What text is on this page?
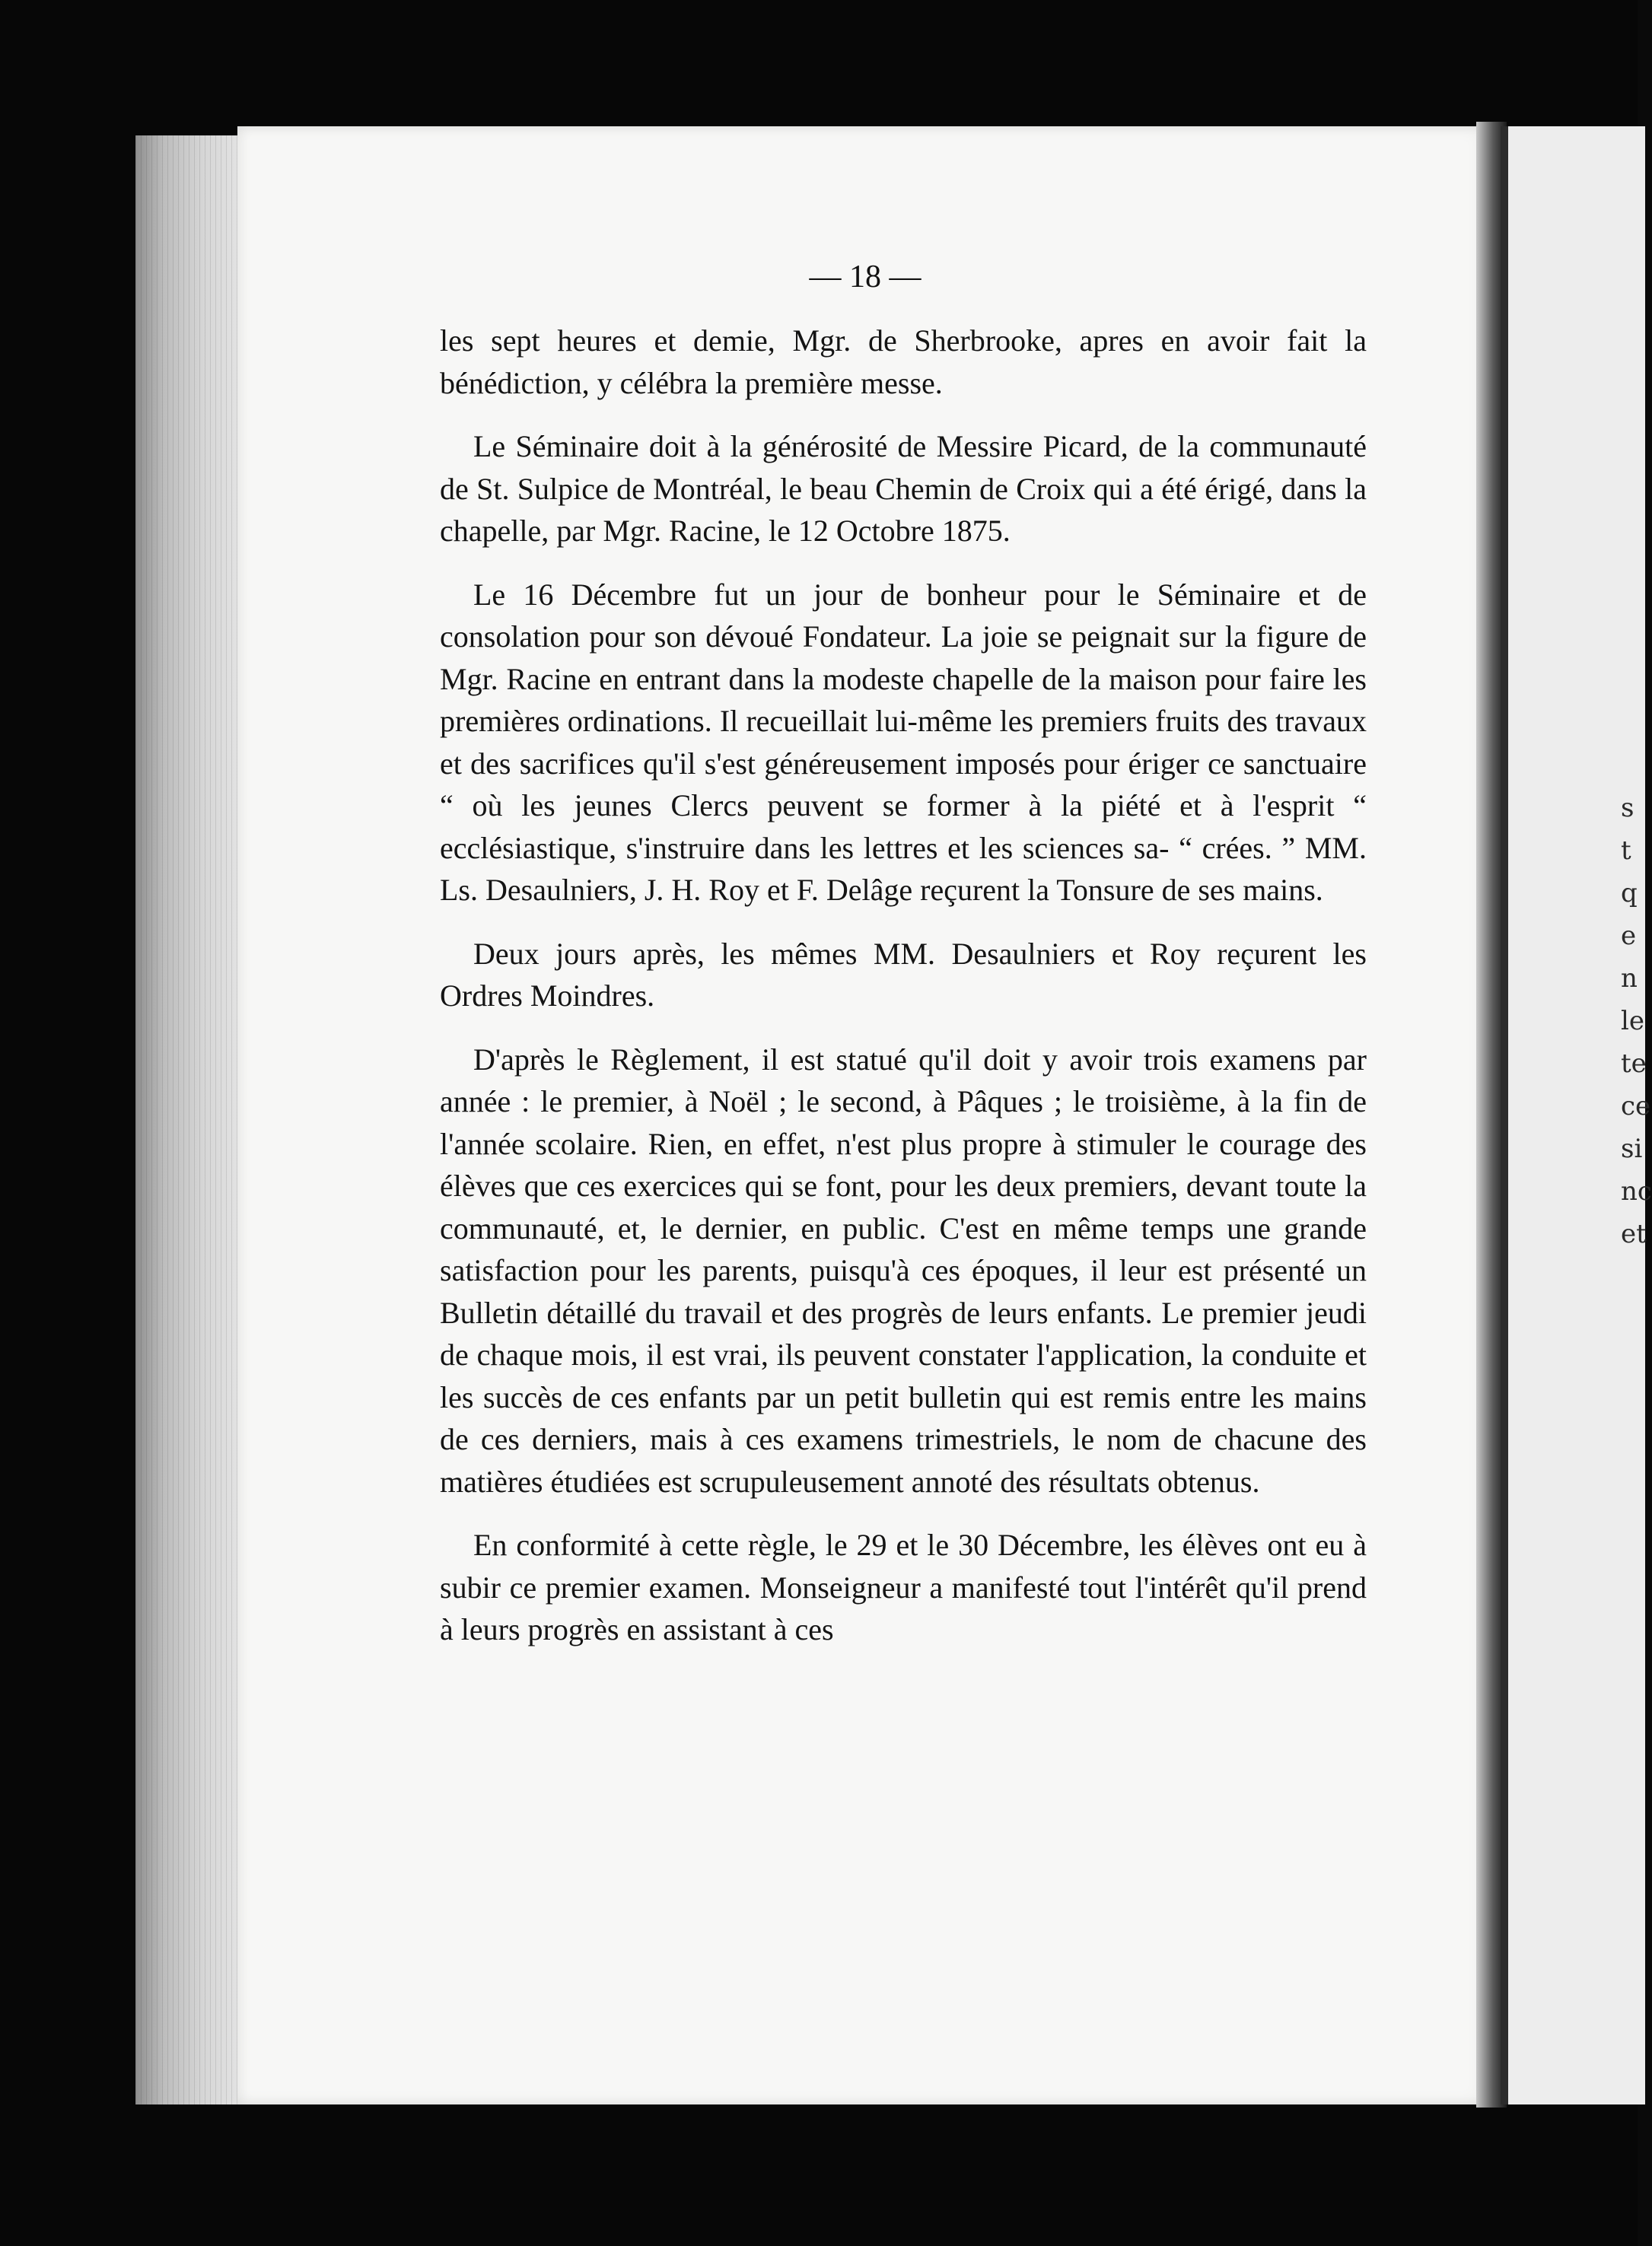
s
t
q
e
n
le
te
ce
si
nc
et
— 18 —

les sept heures et demie, Mgr. de Sherbrooke, apres en avoir fait la bénédiction, y célébra la première messe.

Le Séminaire doit à la générosité de Messire Picard, de la communauté de St. Sulpice de Montréal, le beau Chemin de Croix qui a été érigé, dans la chapelle, par Mgr. Racine, le 12 Octobre 1875.

Le 16 Décembre fut un jour de bonheur pour le Séminaire et de consolation pour son dévoué Fondateur. La joie se peignait sur la figure de Mgr. Racine en entrant dans la modeste chapelle de la maison pour faire les premières ordinations. Il recueillait lui-même les premiers fruits des travaux et des sacrifices qu'il s'est généreusement imposés pour ériger ce sanctuaire “ où les jeunes Clercs peuvent se former à la piété et à l'esprit “ ecclésiastique, s'instruire dans les lettres et les sciences sa- “ crées. ” MM. Ls. Desaulniers, J. H. Roy et F. Delâge reçurent la Tonsure de ses mains.

Deux jours après, les mêmes MM. Desaulniers et Roy reçurent les Ordres Moindres.

D'après le Règlement, il est statué qu'il doit y avoir trois examens par année : le premier, à Noël ; le second, à Pâques ; le troisième, à la fin de l'année scolaire. Rien, en effet, n'est plus propre à stimuler le courage des élèves que ces exercices qui se font, pour les deux premiers, devant toute la communauté, et, le dernier, en public. C'est en même temps une grande satisfaction pour les parents, puisqu'à ces époques, il leur est présenté un Bulletin détaillé du travail et des progrès de leurs enfants. Le premier jeudi de chaque mois, il est vrai, ils peuvent constater l'application, la conduite et les succès de ces enfants par un petit bulletin qui est remis entre les mains de ces derniers, mais à ces examens trimestriels, le nom de chacune des matières étudiées est scrupuleusement annoté des résultats obtenus.

En conformité à cette règle, le 29 et le 30 Décembre, les élèves ont eu à subir ce premier examen. Monseigneur a manifesté tout l'intérêt qu'il prend à leurs progrès en assistant à ces
